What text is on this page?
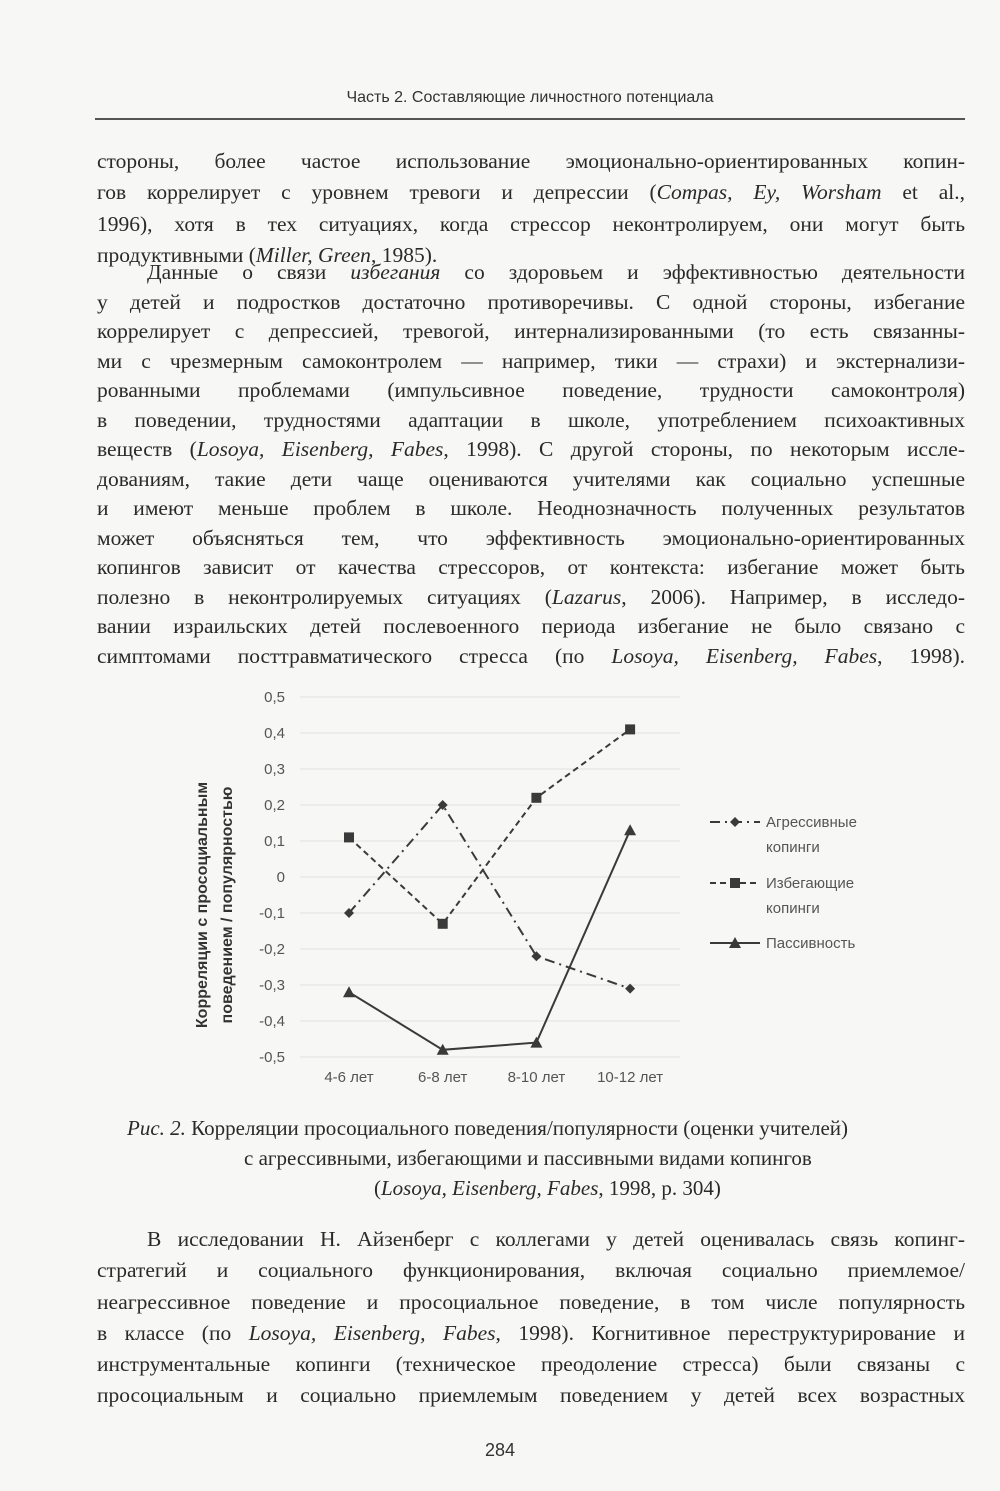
Часть 2. Составляющие личностного потенциала
стороны, более частое использование эмоционально-ориентированных копин-
гов коррелирует с уровнем тревоги и депрессии (Compas, Ey, Worsham et al.,
1996), хотя в тех ситуациях, когда стрессор неконтролируем, они могут быть
продуктивными (Miller, Green, 1985).
Данные о связи избегания со здоровьем и эффективностью деятельности
у детей и подростков достаточно противоречивы. С одной стороны, избегание
коррелирует с депрессией, тревогой, интернализированными (то есть связанны-
ми с чрезмерным самоконтролем — например, тики — страхи) и экстернализи-
рованными проблемами (импульсивное поведение, трудности самоконтроля)
в поведении, трудностями адаптации в школе, употреблением психоактивных
веществ (Losoya, Eisenberg, Fabes, 1998). С другой стороны, по некоторым иссле-
дованиям, такие дети чаще оцениваются учителями как социально успешные
и имеют меньше проблем в школе. Неоднозначность полученных результатов
может объясняться тем, что эффективность эмоционально-ориентированных
копингов зависит от качества стрессоров, от контекста: избегание может быть
полезно в неконтролируемых ситуациях (Lazarus, 2006). Например, в исследо-
вании израильских детей послевоенного периода избегание не было связано с
симптомами посттравматического стресса (по Losoya, Eisenberg, Fabes, 1998).
0,5
0,4
0,3
0,2
0,1
0
-0,1
-0,2
-0,3
-0,4
-0,5
Корреляции с просоциальным поведением / популярностью
4-6 лет	6-8 лет	8-10 лет 10-12 лет
Агрессивные
копинги
Избегающие
копинги
Пассивность
Рис. 2. Корреляции просоциального поведения/популярности (оценки учителей)
с агрессивными, избегающими и пассивными видами копингов
(Losoya, Eisenberg, Fabes, 1998, р. 304)
В исследовании Н. Айзенберг с коллегами у детей оценивалась связь копинг-
стратегий и социального функционирования, включая социально приемлемое/
неагрессивное поведение и просоциальное поведение, в том числе популярность
в классе (по Losoya, Eisenberg, Fabes, 1998). Когнитивное переструктурирование и
инструментальные копинги (техническое преодоление стресса) были связаны с
просоциальным и социально приемлемым поведением у детей всех возрастных
284
